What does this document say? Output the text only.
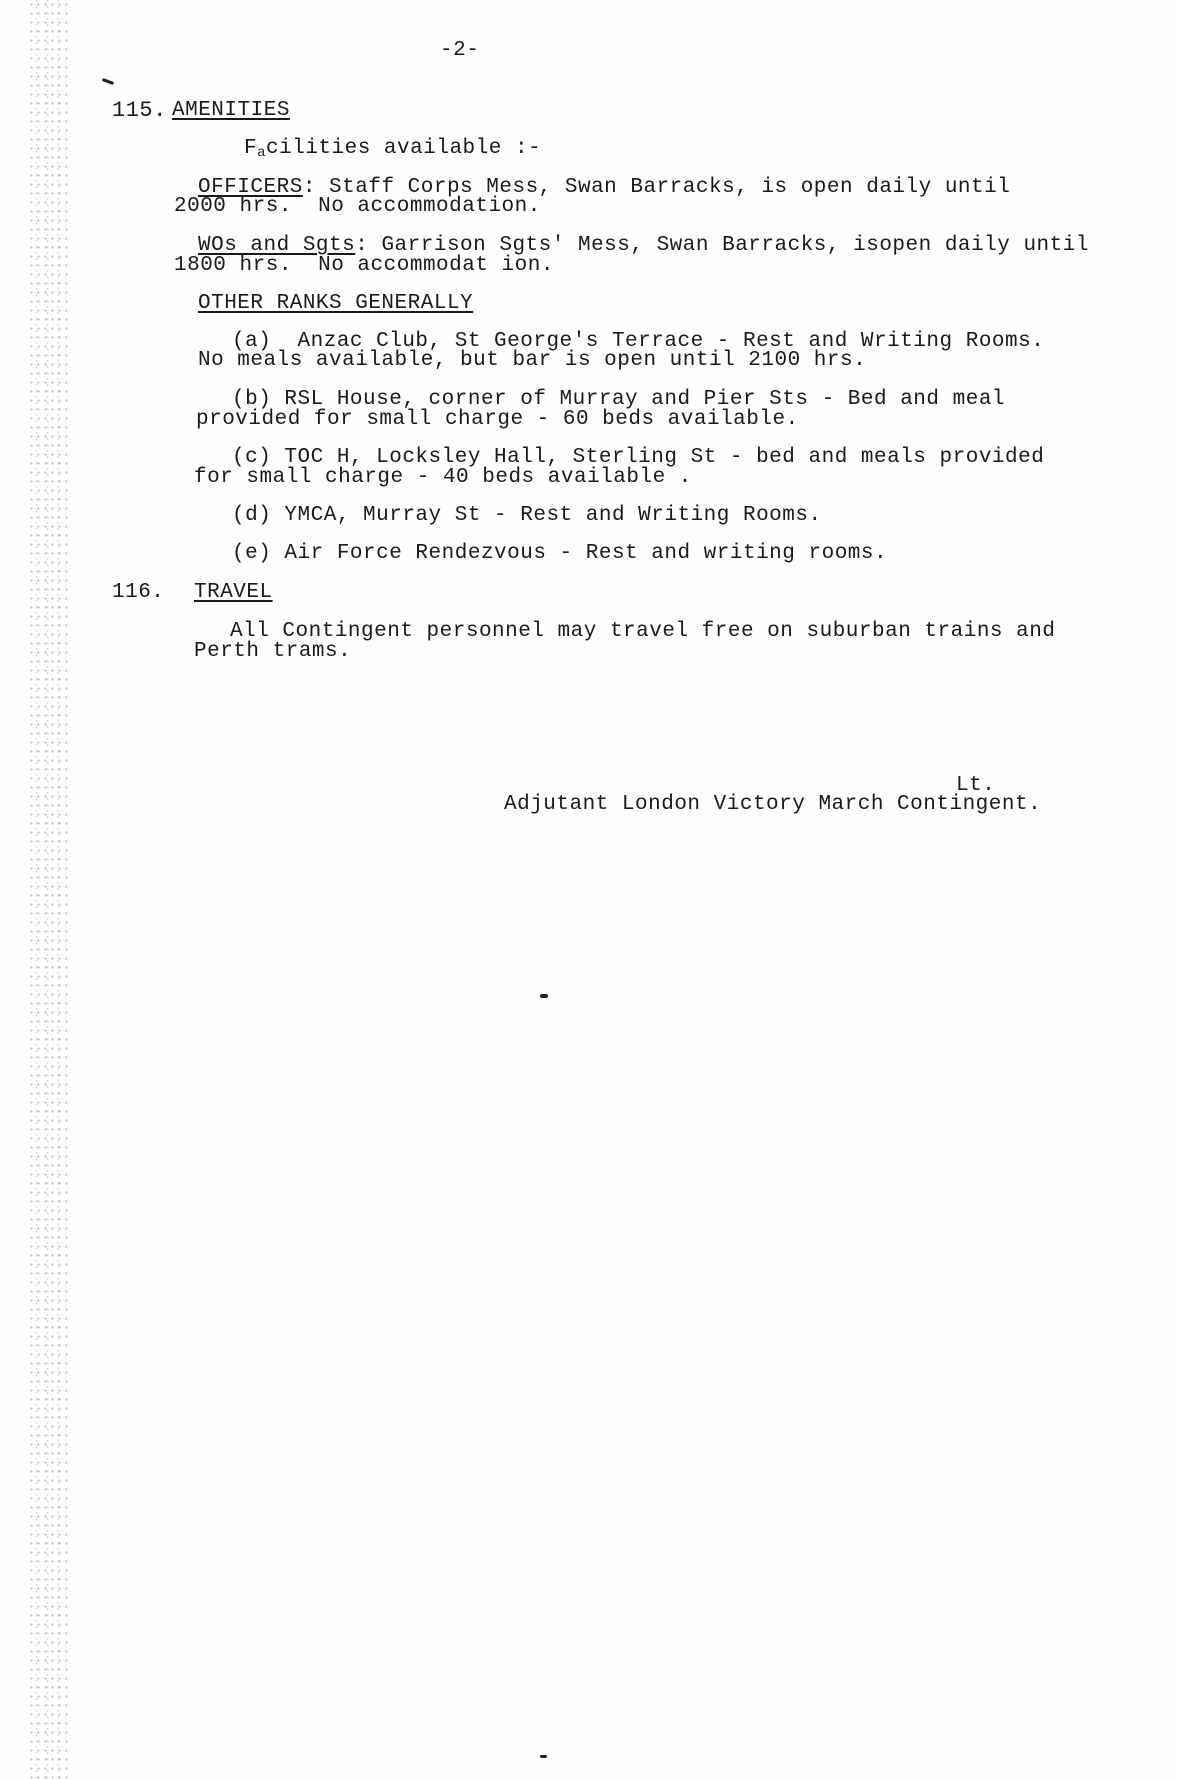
-2-
115. AMENITIES
Facilities available :-
OFFICERS: Staff Corps Mess, Swan Barracks, is open daily until
2000 hrs.  No accommodation.
WOs and Sgts: Garrison Sgts' Mess, Swan Barracks, isopen daily until
1800 hrs.  No accommodat ion.
OTHER RANKS GENERALLY
(a)  Anzac Club, St George's Terrace - Rest and Writing Rooms.
No meals available, but bar is open until 2100 hrs.
(b) RSL House, corner of Murray and Pier Sts - Bed and meal
provided for small charge - 60 beds available.
(c) TOC H, Locksley Hall, Sterling St - bed and meals provided
for small charge - 40 beds available .
(d) YMCA, Murray St - Rest and Writing Rooms.
(e) Air Force Rendezvous - Rest and writing rooms.
116. TRAVEL
All Contingent personnel may travel free on suburban trains and
Perth trams.
Lt.
Adjutant London Victory March Contingent.
